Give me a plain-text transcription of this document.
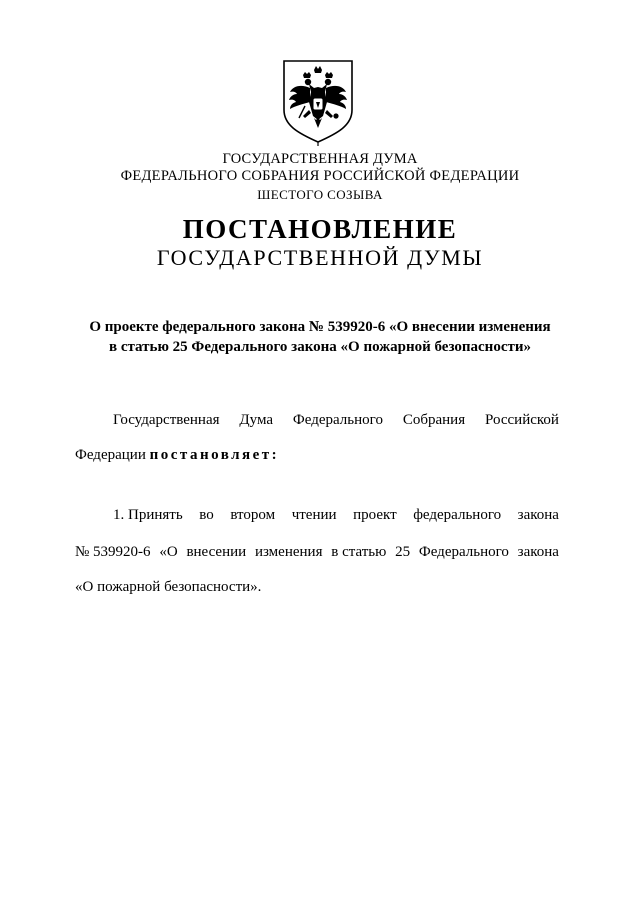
ГОСУДАРСТВЕННАЯ ДУМА
ФЕДЕРАЛЬНОГО СОБРАНИЯ РОССИЙСКОЙ ФЕДЕРАЦИИ
ШЕСТОГО СОЗЫВА
ПОСТАНОВЛЕНИЕ
ГОСУДАРСТВЕННОЙ ДУМЫ
О проекте федерального закона № 539920-6 «О внесении изменения
в статью 25 Федерального закона «О пожарной безопасности»
Государственная Дума Федерального Собрания Российской
Федерации постановляет:
1. Принять во втором чтении проект федерального закона
№ 539920-6 «О внесении изменения в статью 25 Федерального закона
«О пожарной безопасности».
